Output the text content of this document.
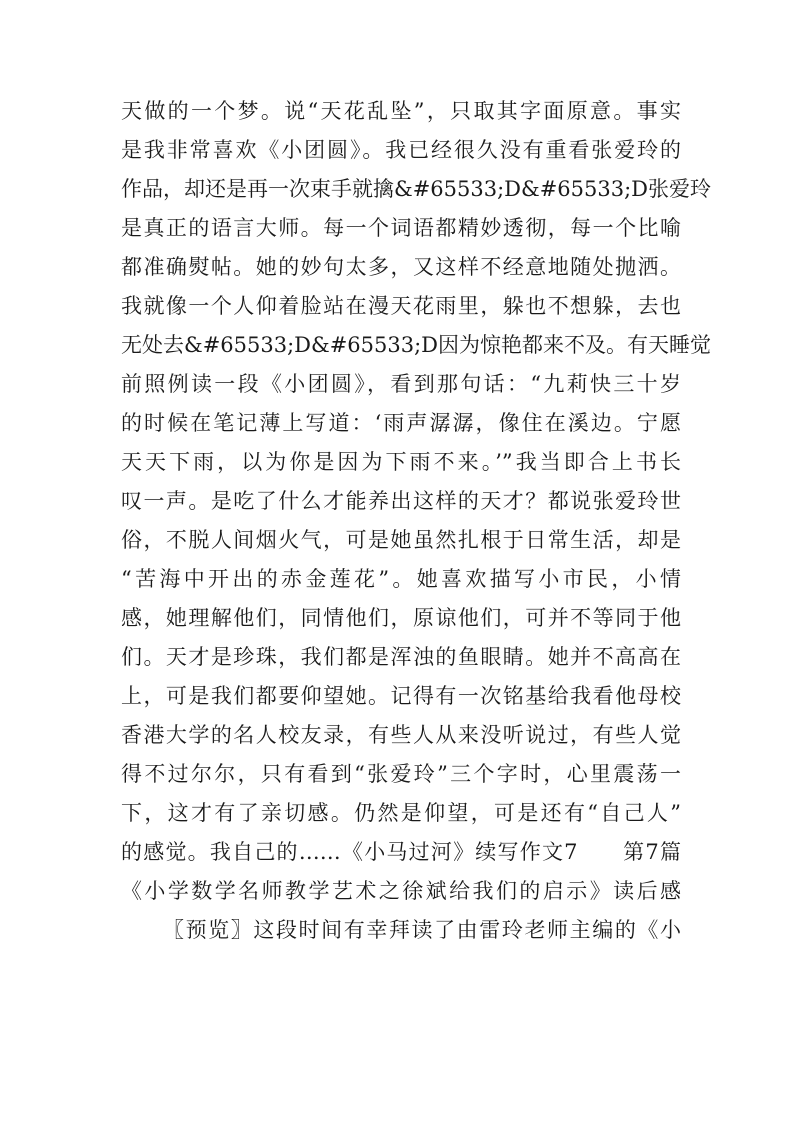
天做的一个梦。说“天花乱坠”，只取其字面原意。事实
是我非常喜欢《小团圆》。我已经很久没有重看张爱玲的
作品，却还是再一次束手就擒&#65533;D&#65533;D张爱玲
是真正的语言大师。每一个词语都精妙透彻，每一个比喻
都准确熨帖。她的妙句太多，又这样不经意地随处抛洒。
我就像一个人仰着脸站在漫天花雨里，躲也不想躲，去也
无处去&#65533;D&#65533;D因为惊艳都来不及。有天睡觉
前照例读一段《小团圆》，看到那句话：“九莉快三十岁
的时候在笔记薄上写道：‘雨声潺潺，像住在溪边。宁愿
天天下雨，以为你是因为下雨不来。’”我当即合上书长
叹一声。是吃了什么才能养出这样的天才？都说张爱玲世
俗，不脱人间烟火气，可是她虽然扎根于日常生活，却是
“苦海中开出的赤金莲花”。她喜欢描写小市民，小情
感，她理解他们，同情他们，原谅他们，可并不等同于他
们。天才是珍珠，我们都是浑浊的鱼眼睛。她并不高高在
上，可是我们都要仰望她。记得有一次铭基给我看他母校
香港大学的名人校友录，有些人从来没听说过，有些人觉
得不过尔尔，只有看到“张爱玲”三个字时，心里震荡一
下，这才有了亲切感。仍然是仰望，可是还有“自己人”
的感觉。我自己的……《小马过河》续写作文7　　第7篇
《小学数学名师教学艺术之徐斌给我们的启示》读后感
〖预览〗这段时间有幸拜读了由雷玲老师主编的《小
